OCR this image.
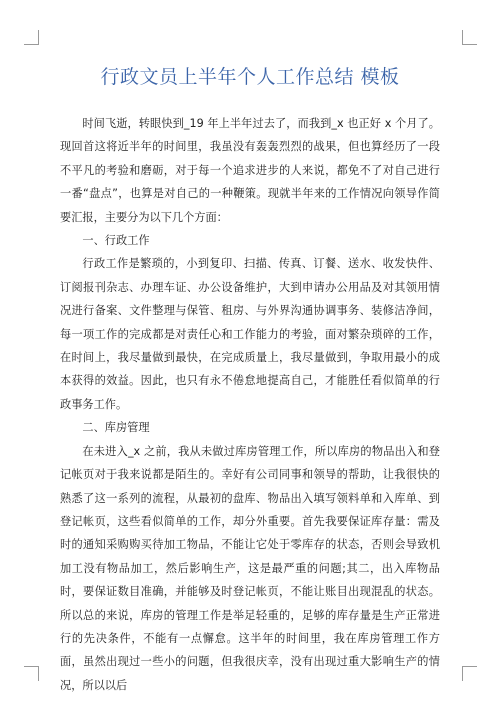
行政文员上半年个人工作总结 模板

时间飞逝，转眼快到_19 年上半年过去了，而我到_x 也正好 x 个月了。现回首这将近半年的时间里，我虽没有轰轰烈烈的战果，但也算经历了一段不平凡的考验和磨砺，对于每一个追求进步的人来说，都免不了对自己进行一番“盘点”，也算是对自己的一种鞭策。现就半年来的工作情况向领导作简要汇报，主要分为以下几个方面：

一、行政工作

行政工作是繁琐的，小到复印、扫描、传真、订餐、送水、收发快件、订阅报刊杂志、办理车证、办公设备维护，大到申请办公用品及对其领用情况进行备案、文件整理与保管、租房、与外界沟通协调事务、装修洁净间，每一项工作的完成都是对责任心和工作能力的考验，面对繁杂琐碎的工作，在时间上，我尽量做到最快，在完成质量上，我尽量做到，争取用最小的成本获得的效益。因此，也只有永不倦怠地提高自己，才能胜任看似简单的行政事务工作。

二、库房管理

在未进入_x 之前，我从未做过库房管理工作，所以库房的物品出入和登记帐页对于我来说都是陌生的。幸好有公司同事和领导的帮助，让我很快的熟悉了这一系列的流程，从最初的盘库、物品出入填写领料单和入库单、到登记帐页，这些看似简单的工作，却分外重要。首先我要保证库存量：需及时的通知采购购买待加工物品，不能让它处于零库存的状态，否则会导致机加工没有物品加工，然后影响生产，这是最严重的问题;其二，出入库物品时，要保证数目准确，并能够及时登记帐页，不能让账目出现混乱的状态。所以总的来说，库房的管理工作是举足轻重的，足够的库存量是生产正常进行的先决条件，不能有一点懈怠。这半年的时间里，我在库房管理工作方面，虽然出现过一些小的问题，但我很庆幸，没有出现过重大影响生产的情况，所以以后
